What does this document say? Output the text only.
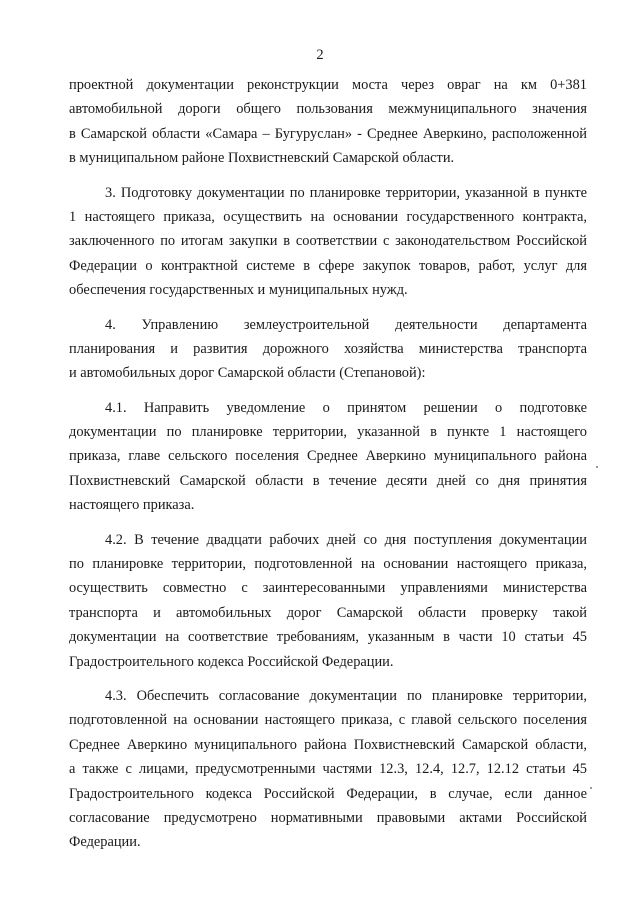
2
проектной документации реконструкции моста через овраг на км 0+381
автомобильной дороги общего пользования межмуниципального значения
в Самарской области «Самара – Бугуруслан» - Среднее Аверкино, расположенной
в муниципальном районе Похвистневский Самарской области.
3. Подготовку документации по планировке территории, указанной в пункте
1 настоящего приказа, осуществить на основании государственного контракта,
заключенного по итогам закупки в соответствии с законодательством Российской
Федерации о контрактной системе в сфере закупок товаров, работ, услуг для
обеспечения государственных и муниципальных нужд.
4. Управлению землеустроительной деятельности департамента
планирования и развития дорожного хозяйства министерства транспорта
и автомобильных дорог Самарской области (Степановой):
4.1. Направить уведомление о принятом решении о подготовке
документации по планировке территории, указанной в пункте 1 настоящего
приказа, главе сельского поселения Среднее Аверкино муниципального района
Похвистневский Самарской области в течение десяти дней со дня принятия
настоящего приказа.
4.2. В течение двадцати рабочих дней со дня поступления документации
по планировке территории, подготовленной на основании настоящего приказа,
осуществить совместно с заинтересованными управлениями министерства
транспорта и автомобильных дорог Самарской области проверку такой
документации на соответствие требованиям, указанным в части 10 статьи 45
Градостроительного кодекса Российской Федерации.
4.3. Обеспечить согласование документации по планировке территории,
подготовленной на основании настоящего приказа, с главой сельского поселения
Среднее Аверкино муниципального района Похвистневский Самарской области,
а также с лицами, предусмотренными частями 12.3, 12.4, 12.7, 12.12 статьи 45
Градостроительного кодекса Российской Федерации, в случае, если данное
согласование предусмотрено нормативными правовыми актами Российской
Федерации.
